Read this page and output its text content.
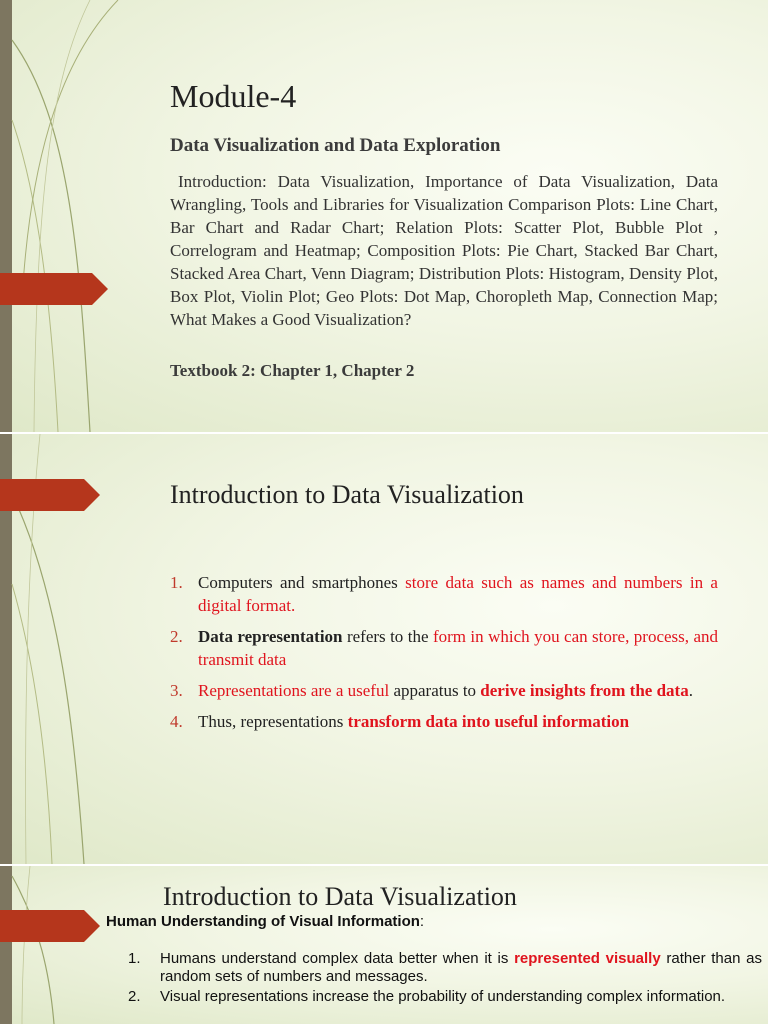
Module-4

Data Visualization and Data Exploration

Introduction: Data Visualization, Importance of Data Visualization, Data Wrangling, Tools and Libraries for Visualization Comparison Plots: Line Chart, Bar Chart and Radar Chart; Relation Plots: Scatter Plot, Bubble Plot , Correlogram and Heatmap; Composition Plots: Pie Chart, Stacked Bar Chart, Stacked Area Chart, Venn Diagram; Distribution Plots: Histogram, Density Plot, Box Plot, Violin Plot; Geo Plots: Dot Map, Choropleth Map, Connection Map; What Makes a Good Visualization?

Textbook 2: Chapter 1, Chapter 2

Introduction to Data Visualization
1. Computers and smartphones store data such as names and numbers in a digital format.
2. Data representation refers to the form in which you can store, process, and transmit data
3. Representations are a useful apparatus to derive insights from the data.
4. Thus, representations transform data into useful information
Introduction to Data Visualization

Human Understanding of Visual Information:

1. Humans understand complex data better when it is represented visually rather than as random sets of numbers and messages.
2. Visual representations increase the probability of understanding complex information.
